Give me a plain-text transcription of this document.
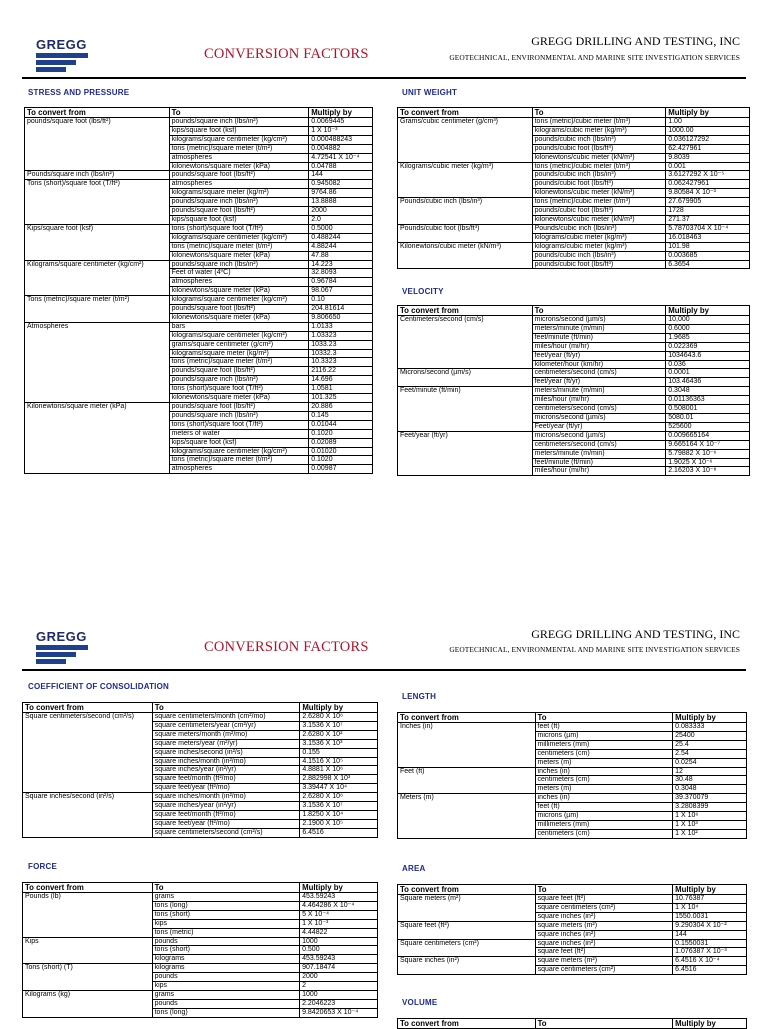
GREGG
CONVERSION FACTORS
GREGG DRILLING AND TESTING, INC
GEOTECHNICAL, ENVIRONMENTAL AND MARINE SITE INVESTIGATION SERVICES
STRESS AND PRESSURE
To convert from	To	Multiply by
pounds/square foot (lbs/ft²)	pounds/square inch (lbs/in²)	0.0069445
	kips/square foot (ksf)	1 X 10⁻³
	kilograms/square centimeter (kg/cm²)	0.000488243
	tons (metric)/square meter (t/m²)	0.004882
	atmospheres	4.72541 X 10⁻⁴
	kilonewtons/square meter (kPa)	0.04788
Pounds/square inch (lbs/in²)	pounds/square foot (lbs/ft²)	144
Tons (short)/square foot (T/ft²)	atmospheres	0.945082
	kilograms/square meter (kg/m²)	9764.86
	pounds/square inch (lbs/in²)	13.8888
	pounds/square foot (lbs/ft²)	2000
	kips/square foot (ksf)	2.0
Kips/square foot (ksf)	tons (short)/square foot (T/ft²)	0.5000
	kilograms/square centimeter (kg/cm²)	0.488244
	tons (metric)/square meter (t/m²)	4.88244
	kilonewtons/square meter (kPa)	47.88
Kilograms/square centimeter (kg/cm²)	pounds/square inch (lbs/in²)	14.223
	Feet of water (4ºC)	32.8093
	atmospheres	0.96784
	kilonewtons/square meter (kPa)	98.067
Tons (metric)/square meter (t/m²)	kilograms/square centimeter (kg/cm²)	0.10
	pounds/square foot (lbs/ft²)	204.81614
	kilonewtons/square meter (kPa)	9.806650
Atmospheres	bars	1.0133
	kilograms/square centimeter (kg/cm²)	1.03323
	grams/square centimeter (g/cm²)	1033.23
	kilograms/square meter (kg/m²)	10332.3
	tons (metric)/square meter (t/m²)	10.3323
	pounds/square foot (lbs/ft²)	2116.22
	pounds/square inch (lbs/in²)	14.696
	tons (short)/square foot (T/ft²)	1.0581
	kilonewtons/square meter (kPa)	101.325
Kilonewtons/square meter (kPa)	pounds/square foot (lbs/ft²)	20.886
	pounds/square inch (lbs/in²)	0.145
	tons (short)/square foot (T/ft²)	0.01044
	meters of water	0.1020
	kips/square foot (ksf)	0.02089
	kilograms/square centimeter (kg/cm²)	0.01020
	tons (metric)/square meter (t/m²)	0.1020
	atmospheres	0.00987
UNIT WEIGHT
To convert from	To	Multiply by
Grams/cubic centimeter (g/cm³)	tons (metric)/cubic meter (t/m³)	1.00
	kilograms/cubic meter (kg/m³)	1000.00
	pounds/cubic inch (lbs/in³)	0.036127292
	pounds/cubic foot (lbs/ft³)	62.427961
	kilonewtons/cubic meter (kN/m³)	9.8039
Kilograms/cubic meter (kg/m³)	tons (metric)/cubic meter (t/m³)	0.001
	pounds/cubic inch (lbs/in³)	3.6127292 X 10⁻⁵
	pounds/cubic foot (lbs/ft³)	0.062427961
	kilonewtons/cubic meter (kN/m³)	9.80584 X 10⁻³
Pounds/cubic inch (lbs/in³)	tons (metric)/cubic meter (t/m³)	27.679905
	pounds/cubic foot (lbs/ft³)	1728
	kilonewtons/cubic meter (kN/m³)	271.37
Pounds/cubic foot (lbs/ft³)	Pounds/cubic inch (lbs/in³)	5.78703704 X 10⁻⁴
	kilograms/cubic meter (kg/m³)	16.018463
Kilonewtons/cubic meter (kN/m³)	kilograms/cubic meter (kg/m³)	101.98
	pounds/cubic inch (lbs/in³)	0.003685
	pounds/cubic foot (lbs/ft³)	6.3654
VELOCITY
To convert from	To	Multiply by
Centimeters/second (cm/s)	microns/second (µm/s)	10,000
	meters/minute (m/min)	0.6000
	feet/minute (ft/min)	1.9685
	miles/hour (mi/hr)	0.022369
	feet/year (ft/yr)	1034643.6
	kilometer/hour (km/hr)	0.036
Microns/second (µm/s)	centimeters/second (cm/s)	0.0001
	feet/year (ft/yr)	103.46436
Feet/minute (ft/min)	meters/minute (m/min)	0.3048
	miles/hour (mi/hr)	0.01136363
	centimeters/second (cm/s)	0.508001
	microns/second (µm/s)	5080.01
	Feet/year (ft/yr)	525600
Feet/year (ft/yr)	microns/second (µm/s)	0.009665164
	centimeters/second (cm/s)	9.665164 X 10⁻⁷
	meters/minute (m/min)	5.79882 X 10⁻⁶
	feet/minute (ft/min)	1.9025 X 10⁻⁶
	miles/hour (mi/hr)	2.16203 X 10⁻⁸
GREGG
CONVERSION FACTORS
GREGG DRILLING AND TESTING, INC
GEOTECHNICAL, ENVIRONMENTAL AND MARINE SITE INVESTIGATION SERVICES
COEFFICIENT OF CONSOLIDATION
To convert from	To	Multiply by
Square centimeters/second (cm²/s)	square centimeters/month (cm²/mo)	2.6280 X 10⁶
	square centimeters/year (cm²/yr)	3.1536 X 10⁷
	square meters/month (m²/mo)	2.6280 X 10²
	square meters/year (m²/yr)	3.1536 X 10³
	square inches/second (in²/s)	0.155
	square inches/month (in²/mo)	4.1516 X 10⁵
	square inches/year (in²/yr)	4.8881 X 10⁶
	square feet/month (ft²/mo)	2.882998 X 10³
	square feet/year (ft²/mo)	3.39447 X 10⁴
Square inches/second (in²/s)	square inches/month (in²/mo)	2.6280 X 10⁶
	square inches/year (in²/yr)	3.1536 X 10⁷
	square feet/month (ft²/mo)	1.8250 X 10⁴
	square feet/year (ft²/mo)	2.1900 X 10⁵
	square centimeters/second (cm²/s)	6.4516
LENGTH
To convert from	To	Multiply by
Inches (in)	feet (ft)	0.083333
	microns (µm)	25400
	millimeters (mm)	25.4
	centimeters (cm)	2.54
	meters (m)	0.0254
Feet (ft)	inches (in)	12
	centimeters (cm)	30.48
	meters (m)	0.3048
Meters (m)	inches (in)	39.370079
	feet (ft)	3.2808399
	microns (µm)	1 X 10⁶
	millimeters (mm)	1 X 10³
	centimeters (cm)	1 X 10²
FORCE
To convert from	To	Multiply by
Pounds (lb)	grams	453.59243
	tons (long)	4.464286 X 10⁻⁴
	tons (short)	5 X 10⁻⁴
	kips	1 X 10⁻³
	tons (metric)	4.44822
Kips	pounds	1000
	tons (short)	0.500
	kilograms	453.59243
Tons (short) (T)	kilograms	907.18474
	pounds	2000
	kips	2
Kilograms (kg)	grams	1000
	pounds	2.2046223
	tons (long)	9.8420653 X 10⁻⁴
AREA
To convert from	To	Multiply by
Square meters (m²)	square feet (ft²)	10.76387
	square centimeters (cm²)	1 X 10⁴
	square inches (in²)	1550.0031
Square feet (ft²)	square meters (m²)	9.290304 X 10⁻²
	square inches (in²)	144
Square centimeters (cm²)	square inches (in²)	0.1550031
	square feet (ft²)	1.076387 X 10⁻³
Square inches (in²)	square meters (m²)	6.4516 X 10⁻⁴
	square centimeters (cm²)	6.4516
VOLUME
To convert from	To	Multiply by
